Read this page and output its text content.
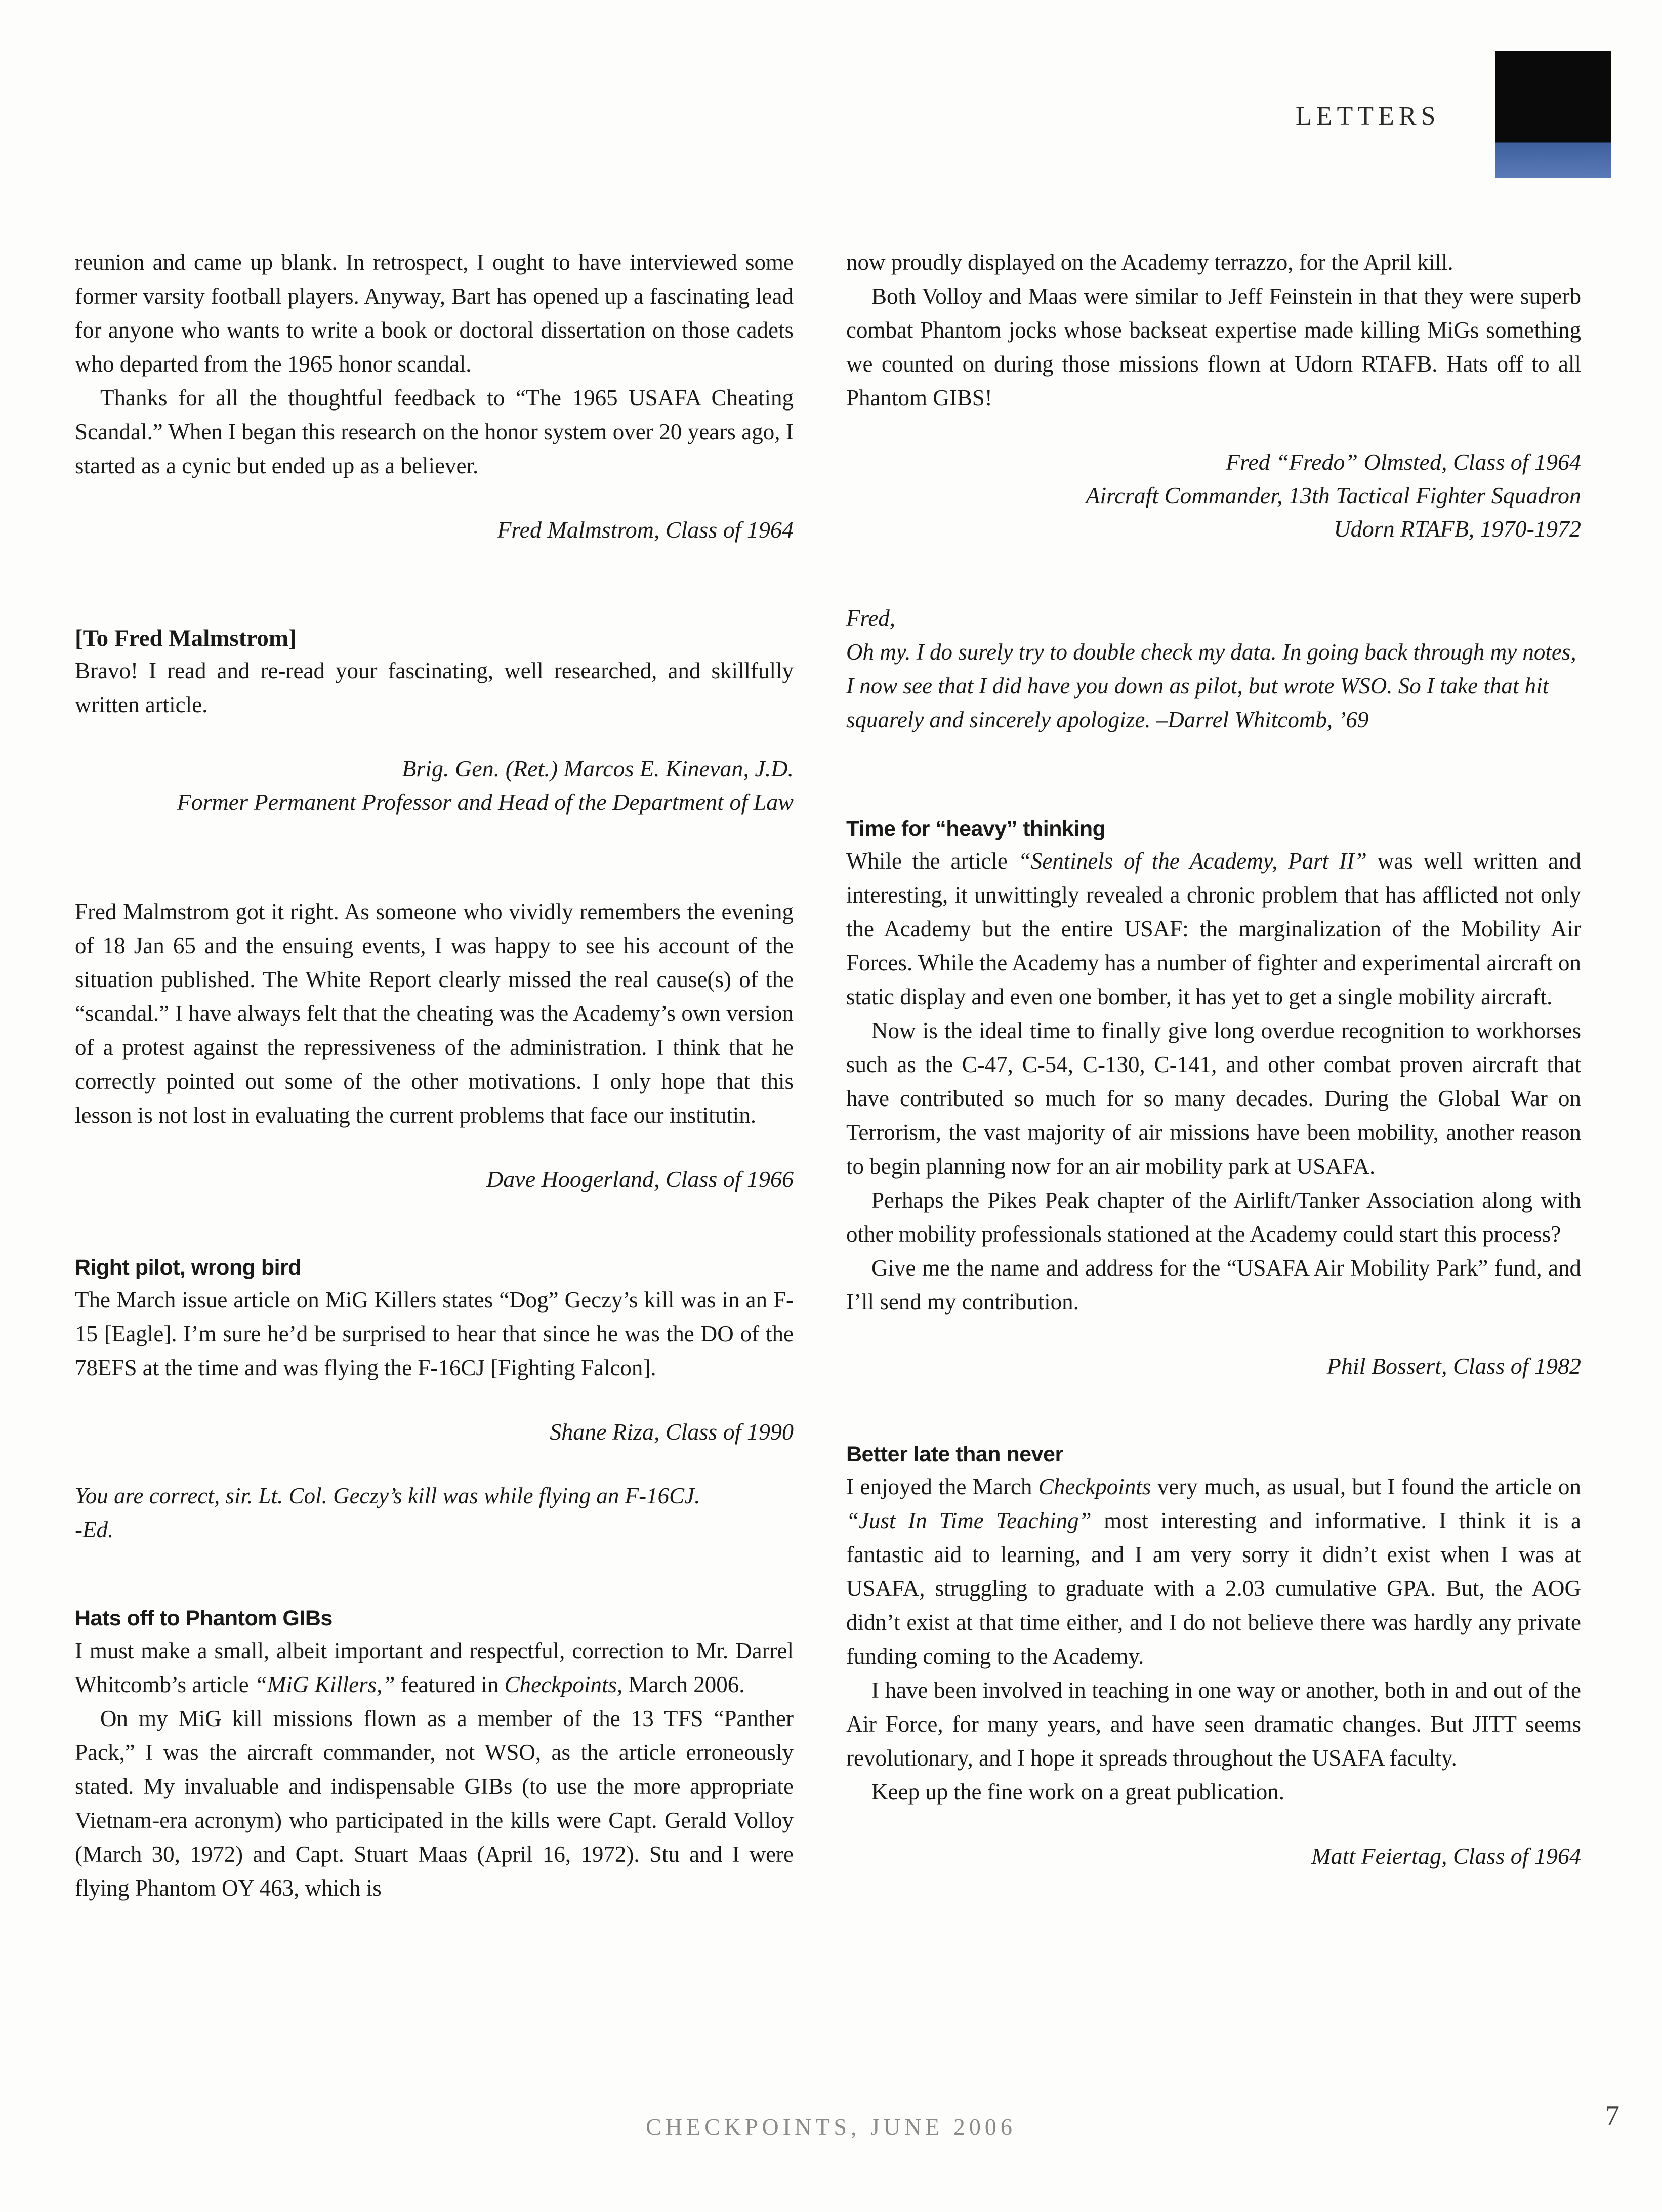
LETTERS

reunion and came up blank. In retrospect, I ought to have interviewed some former varsity football players. Anyway, Bart has opened up a fascinating lead for anyone who wants to write a book or doctoral dissertation on those cadets who departed from the 1965 honor scandal.

Thanks for all the thoughtful feedback to “The 1965 USAFA Cheating Scandal.” When I began this research on the honor system over 20 years ago, I started as a cynic but ended up as a believer.

Fred Malmstrom, Class of 1964
[To Fred Malmstrom]

Bravo! I read and re-read your fascinating, well researched, and skillfully written article.

Brig. Gen. (Ret.) Marcos E. Kinevan, J.D.
Former Permanent Professor and Head of the Department of Law

Fred Malmstrom got it right. As someone who vividly remembers the evening of 18 Jan 65 and the ensuing events, I was happy to see his account of the situation published. The White Report clearly missed the real cause(s) of the “scandal.” I have always felt that the cheating was the Academy’s own version of a protest against the repressiveness of the administration. I think that he correctly pointed out some of the other motivations. I only hope that this lesson is not lost in evaluating the current problems that face our institutin.

Dave Hoogerland, Class of 1966
Right pilot, wrong bird

The March issue article on MiG Killers states “Dog” Geczy’s kill was in an F-15 [Eagle]. I’m sure he’d be surprised to hear that since he was the DO of the 78EFS at the time and was flying the F-16CJ [Fighting Falcon].

Shane Riza, Class of 1990

You are correct, sir. Lt. Col. Geczy’s kill was while flying an F-16CJ.
-Ed.

Hats off to Phantom GIBs

I must make a small, albeit important and respectful, correction to Mr. Darrel Whitcomb’s article “MiG Killers,” featured in Checkpoints, March 2006.

On my MiG kill missions flown as a member of the 13 TFS “Panther Pack,” I was the aircraft commander, not WSO, as the article erroneously stated. My invaluable and indispensable GIBs (to use the more appropriate Vietnam-era acronym) who participated in the kills were Capt. Gerald Volloy (March 30, 1972) and Capt. Stuart Maas (April 16, 1972). Stu and I were flying Phantom OY 463, which is

now proudly displayed on the Academy terrazzo, for the April kill.

Both Volloy and Maas were similar to Jeff Feinstein in that they were superb combat Phantom jocks whose backseat expertise made killing MiGs something we counted on during those missions flown at Udorn RTAFB. Hats off to all Phantom GIBS!

Fred “Fredo” Olmsted, Class of 1964
Aircraft Commander, 13th Tactical Fighter Squadron
Udorn RTAFB, 1970-1972

Fred,

Oh my. I do surely try to double check my data. In going back through my notes, I now see that I did have you down as pilot, but wrote WSO. So I take that hit squarely and sincerely apologize. –Darrel Whitcomb, ’69

Time for “heavy” thinking

While the article “Sentinels of the Academy, Part II” was well written and interesting, it unwittingly revealed a chronic problem that has afflicted not only the Academy but the entire USAF: the marginalization of the Mobility Air Forces. While the Academy has a number of fighter and experimental aircraft on static display and even one bomber, it has yet to get a single mobility aircraft.

Now is the ideal time to finally give long overdue recognition to workhorses such as the C-47, C-54, C-130, C-141, and other combat proven aircraft that have contributed so much for so many decades. During the Global War on Terrorism, the vast majority of air missions have been mobility, another reason to begin planning now for an air mobility park at USAFA.

Perhaps the Pikes Peak chapter of the Airlift/Tanker Association along with other mobility professionals stationed at the Academy could start this process?

Give me the name and address for the “USAFA Air Mobility Park” fund, and I’ll send my contribution.

Phil Bossert, Class of 1982
Better late than never

I enjoyed the March Checkpoints very much, as usual, but I found the article on “Just In Time Teaching” most interesting and informative. I think it is a fantastic aid to learning, and I am very sorry it didn’t exist when I was at USAFA, struggling to graduate with a 2.03 cumulative GPA. But, the AOG didn’t exist at that time either, and I do not believe there was hardly any private funding coming to the Academy.

I have been involved in teaching in one way or another, both in and out of the Air Force, for many years, and have seen dramatic changes. But JITT seems revolutionary, and I hope it spreads throughout the USAFA faculty.

Keep up the fine work on a great publication.

Matt Feiertag, Class of 1964
CHECKPOINTS, JUNE 2006	7
